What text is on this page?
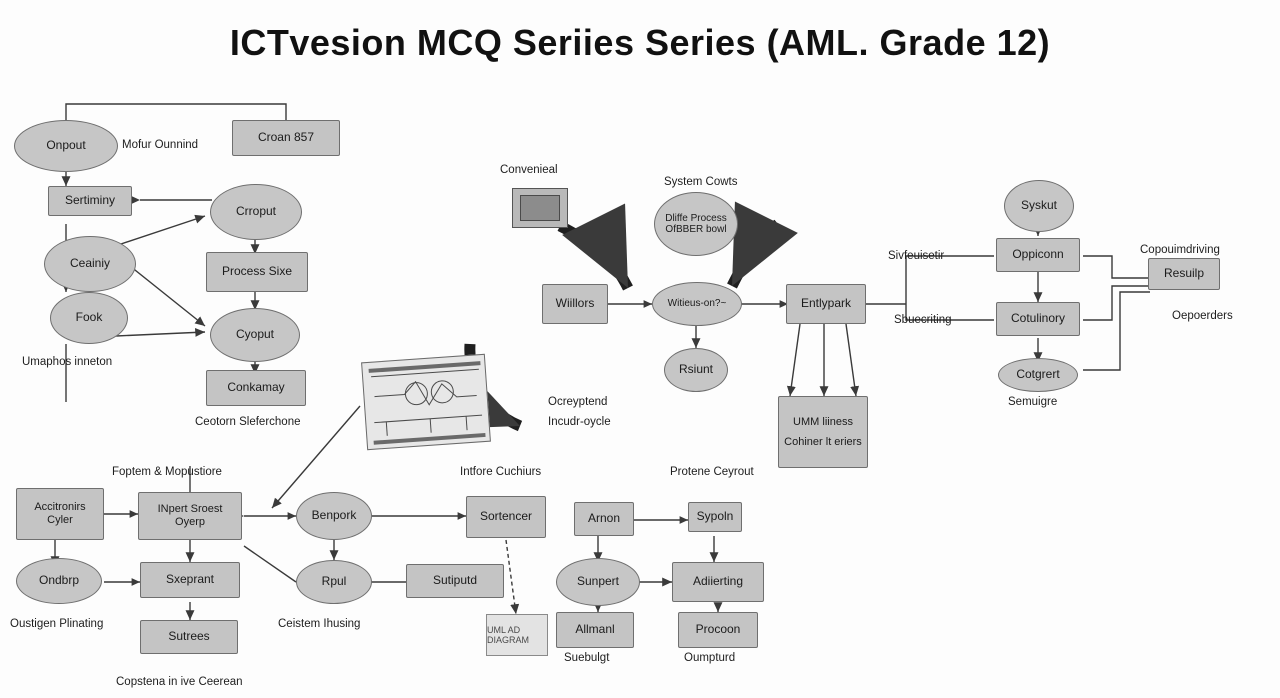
ICTvesion MCQ Seriies Series (AML. Grade 12)
Onpout	Mofur Ounnind
Croan 857
Sertiminy
Crroput
Ceainiy
Process Sixe
Fook
Cyoput
Conkamay
Umaphos inneton
Ceotorn Sleferchone
Convenieal
System Cowts
Dliffe Process OfBBER bowl
Wiillors	Witieus-on?~	Entlypark
Rsiunt
UMM liiness
Cohiner lt eriers
Ocreyptend
Incudr-oycle
Syskut
Oppiconn
Resuilp
Cotulinory
Cotgrert
Sivfeuisetir
Sbuecriting
Copouimdriving
Oepoerders
Semuigre
Foptem & Mopustiore	Intfore Cuchiurs
Accitronirs Cyler
INpert Sroest Oyerp	Benpork	Sortencer
Ondbrp	Sxeprant	Rpul	Sutiputd
Sutrees	UML AD DIAGRAM
Oustigen Plinating	Ceistem Ihusing
Copstena in ive Ceerean
Protene Ceyrout
Arnon	Sypoln
Sunpert	Adiierting
Allmanl	Procoon
Suebulgt	Oumpturd
